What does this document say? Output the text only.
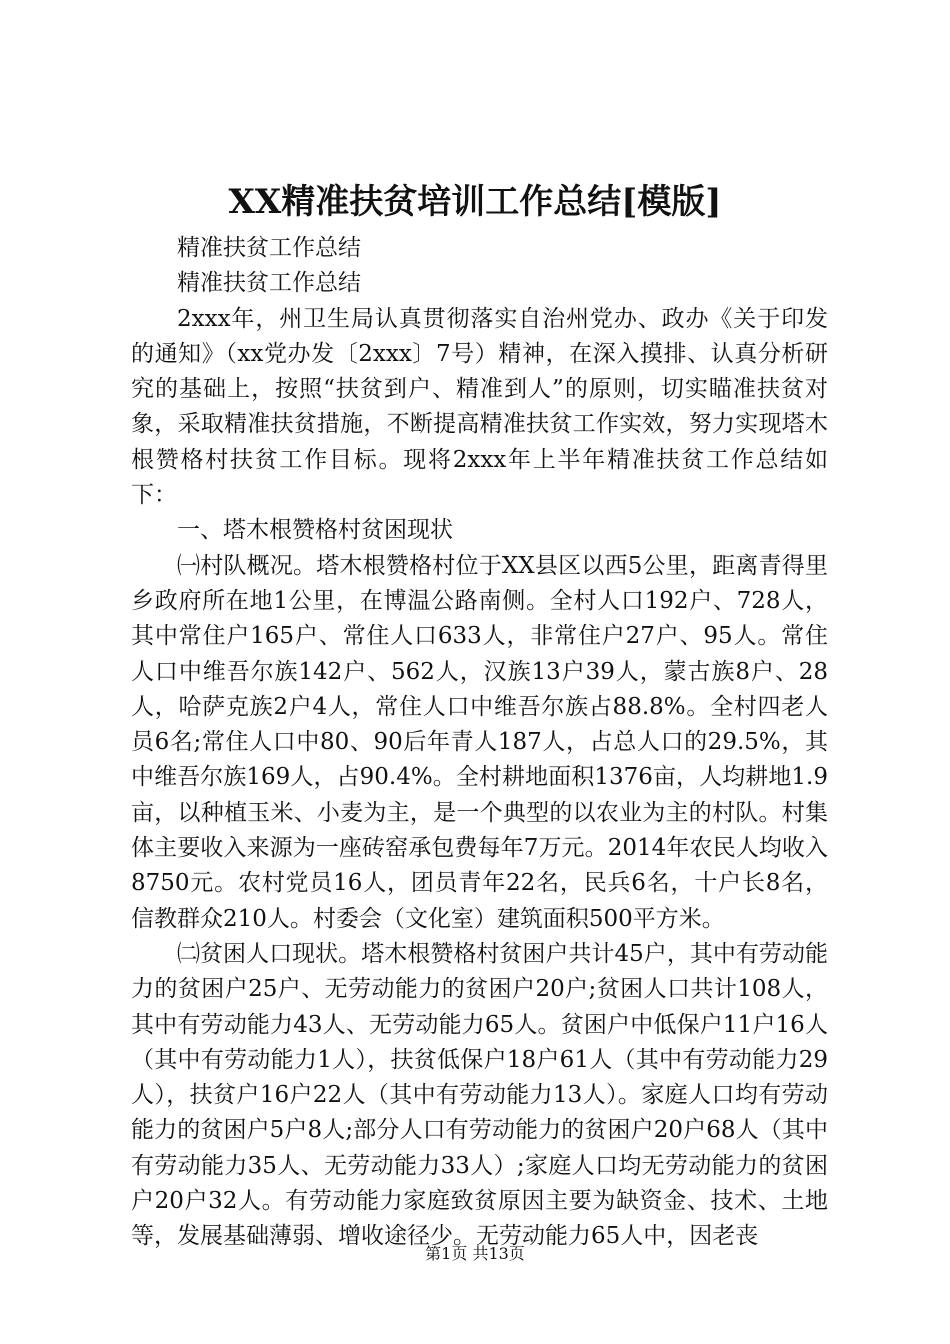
XX精准扶贫培训工作总结[模版]

精准扶贫工作总结

精准扶贫工作总结

2xxx年，州卫生局认真贯彻落实自治州党办、政办《关于印发的通知》（xx党办发〔2xxx〕7号）精神，在深入摸排、认真分析研究的基础上，按照“扶贫到户、精准到人”的原则，切实瞄准扶贫对象，采取精准扶贫措施，不断提高精准扶贫工作实效，努力实现塔木根赞格村扶贫工作目标。现将2xxx年上半年精准扶贫工作总结如下：

一、塔木根赞格村贫困现状

㈠村队概况。塔木根赞格村位于XX县区以西5公里，距离青得里乡政府所在地1公里，在博温公路南侧。全村人口192户、728人，其中常住户165户、常住人口633人，非常住户27户、95人。常住人口中维吾尔族142户、562人，汉族13户39人，蒙古族8户、28人，哈萨克族2户4人，常住人口中维吾尔族占88.8%。全村四老人员6名;常住人口中80、90后年青人187人，占总人口的29.5%，其中维吾尔族169人，占90.4%。全村耕地面积1376亩，人均耕地1.9亩，以种植玉米、小麦为主，是一个典型的以农业为主的村队。村集体主要收入来源为一座砖窑承包费每年7万元。2014年农民人均收入8750元。农村党员16人，团员青年22名，民兵6名，十户长8名，信教群众210人。村委会（文化室）建筑面积500平方米。

㈡贫困人口现状。塔木根赞格村贫困户共计45户，其中有劳动能力的贫困户25户、无劳动能力的贫困户20户;贫困人口共计108人，其中有劳动能力43人、无劳动能力65人。贫困户中低保户11户16人（其中有劳动能力1人），扶贫低保户18户61人（其中有劳动能力29人），扶贫户16户22人（其中有劳动能力13人）。家庭人口均有劳动能力的贫困户5户8人;部分人口有劳动能力的贫困户20户68人（其中有劳动能力35人、无劳动能力33人）;家庭人口均无劳动能力的贫困户20户32人。有劳动能力家庭致贫原因主要为缺资金、技术、土地等，发展基础薄弱、增收途径少。无劳动能力65人中，因老丧

第1页 共13页
